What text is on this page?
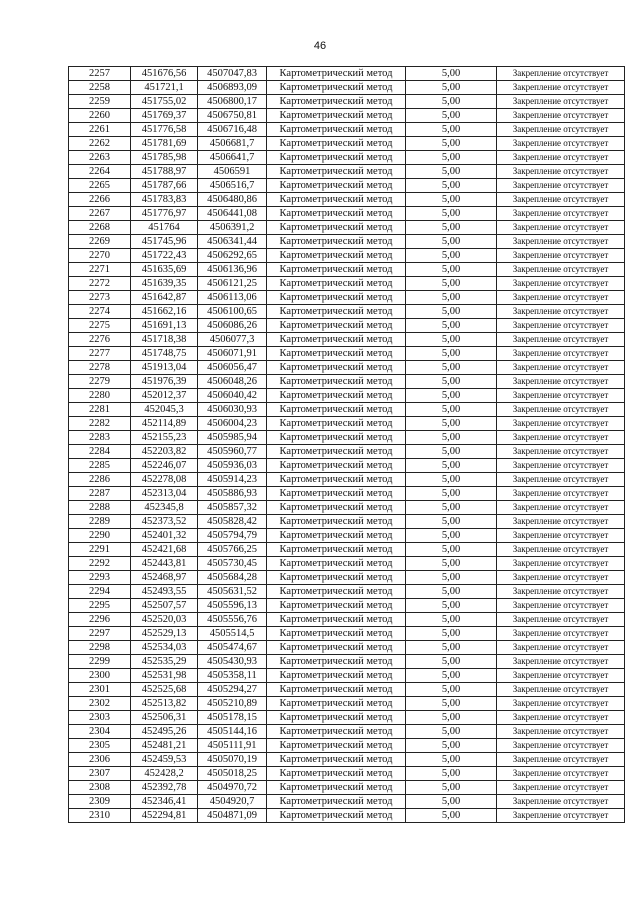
46
2257	451676,56	4507047,83	Картометрический метод	5,00	Закрепление отсутствует
2258	451721,1	4506893,09	Картометрический метод	5,00	Закрепление отсутствует
2259	451755,02	4506800,17	Картометрический метод	5,00	Закрепление отсутствует
2260	451769,37	4506750,81	Картометрический метод	5,00	Закрепление отсутствует
2261	451776,58	4506716,48	Картометрический метод	5,00	Закрепление отсутствует
2262	451781,69	4506681,7	Картометрический метод	5,00	Закрепление отсутствует
2263	451785,98	4506641,7	Картометрический метод	5,00	Закрепление отсутствует
2264	451788,97	4506591	Картометрический метод	5,00	Закрепление отсутствует
2265	451787,66	4506516,7	Картометрический метод	5,00	Закрепление отсутствует
2266	451783,83	4506480,86	Картометрический метод	5,00	Закрепление отсутствует
2267	451776,97	4506441,08	Картометрический метод	5,00	Закрепление отсутствует
2268	451764	4506391,2	Картометрический метод	5,00	Закрепление отсутствует
2269	451745,96	4506341,44	Картометрический метод	5,00	Закрепление отсутствует
2270	451722,43	4506292,65	Картометрический метод	5,00	Закрепление отсутствует
2271	451635,69	4506136,96	Картометрический метод	5,00	Закрепление отсутствует
2272	451639,35	4506121,25	Картометрический метод	5,00	Закрепление отсутствует
2273	451642,87	4506113,06	Картометрический метод	5,00	Закрепление отсутствует
2274	451662,16	4506100,65	Картометрический метод	5,00	Закрепление отсутствует
2275	451691,13	4506086,26	Картометрический метод	5,00	Закрепление отсутствует
2276	451718,38	4506077,3	Картометрический метод	5,00	Закрепление отсутствует
2277	451748,75	4506071,91	Картометрический метод	5,00	Закрепление отсутствует
2278	451913,04	4506056,47	Картометрический метод	5,00	Закрепление отсутствует
2279	451976,39	4506048,26	Картометрический метод	5,00	Закрепление отсутствует
2280	452012,37	4506040,42	Картометрический метод	5,00	Закрепление отсутствует
2281	452045,3	4506030,93	Картометрический метод	5,00	Закрепление отсутствует
2282	452114,89	4506004,23	Картометрический метод	5,00	Закрепление отсутствует
2283	452155,23	4505985,94	Картометрический метод	5,00	Закрепление отсутствует
2284	452203,82	4505960,77	Картометрический метод	5,00	Закрепление отсутствует
2285	452246,07	4505936,03	Картометрический метод	5,00	Закрепление отсутствует
2286	452278,08	4505914,23	Картометрический метод	5,00	Закрепление отсутствует
2287	452313,04	4505886,93	Картометрический метод	5,00	Закрепление отсутствует
2288	452345,8	4505857,32	Картометрический метод	5,00	Закрепление отсутствует
2289	452373,52	4505828,42	Картометрический метод	5,00	Закрепление отсутствует
2290	452401,32	4505794,79	Картометрический метод	5,00	Закрепление отсутствует
2291	452421,68	4505766,25	Картометрический метод	5,00	Закрепление отсутствует
2292	452443,81	4505730,45	Картометрический метод	5,00	Закрепление отсутствует
2293	452468,97	4505684,28	Картометрический метод	5,00	Закрепление отсутствует
2294	452493,55	4505631,52	Картометрический метод	5,00	Закрепление отсутствует
2295	452507,57	4505596,13	Картометрический метод	5,00	Закрепление отсутствует
2296	452520,03	4505556,76	Картометрический метод	5,00	Закрепление отсутствует
2297	452529,13	4505514,5	Картометрический метод	5,00	Закрепление отсутствует
2298	452534,03	4505474,67	Картометрический метод	5,00	Закрепление отсутствует
2299	452535,29	4505430,93	Картометрический метод	5,00	Закрепление отсутствует
2300	452531,98	4505358,11	Картометрический метод	5,00	Закрепление отсутствует
2301	452525,68	4505294,27	Картометрический метод	5,00	Закрепление отсутствует
2302	452513,82	4505210,89	Картометрический метод	5,00	Закрепление отсутствует
2303	452506,31	4505178,15	Картометрический метод	5,00	Закрепление отсутствует
2304	452495,26	4505144,16	Картометрический метод	5,00	Закрепление отсутствует
2305	452481,21	4505111,91	Картометрический метод	5,00	Закрепление отсутствует
2306	452459,53	4505070,19	Картометрический метод	5,00	Закрепление отсутствует
2307	452428,2	4505018,25	Картометрический метод	5,00	Закрепление отсутствует
2308	452392,78	4504970,72	Картометрический метод	5,00	Закрепление отсутствует
2309	452346,41	4504920,7	Картометрический метод	5,00	Закрепление отсутствует
2310	452294,81	4504871,09	Картометрический метод	5,00	Закрепление отсутствует
